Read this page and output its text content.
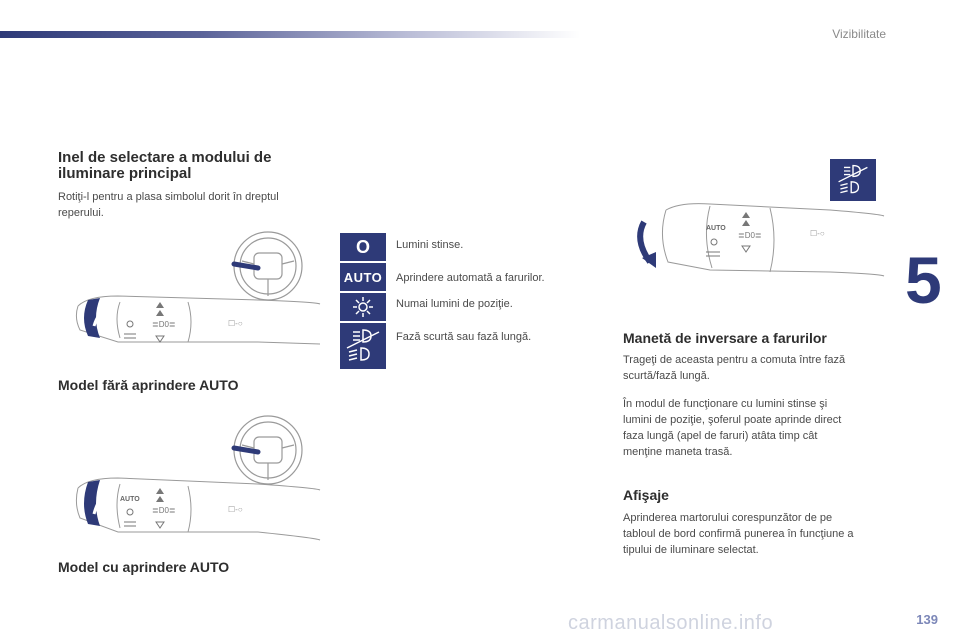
Vizibilitate
5
Inel de selectare a modului de
iluminare principal
Rotiţi-l pentru a plasa simbolul dorit în dreptul
reperului.
≣D0≣	☐-○
Model fără aprindere AUTO
AUTO
≣D0≣	☐-○
Model cu aprindere AUTO
O Lumini stinse.
AUTO Aprindere automată a farurilor.
Numai lumini de poziţie.
Fază scurtă sau fază lungă.
AUTO
≣D0≣	☐-○
Manetă de inversare a farurilor
Trageţi de aceasta pentru a comuta între fază
scurtă/fază lungă.
În modul de funcţionare cu lumini stinse şi
lumini de poziţie, şoferul poate aprinde direct
faza lungă (apel de faruri) atâta timp cât
menţine maneta trasă.
Afişaje
Aprinderea martorului corespunzător de pe
tabloul de bord confirmă punerea în funcţiune a
tipului de iluminare selectat.
carmanualsonline.info	139
